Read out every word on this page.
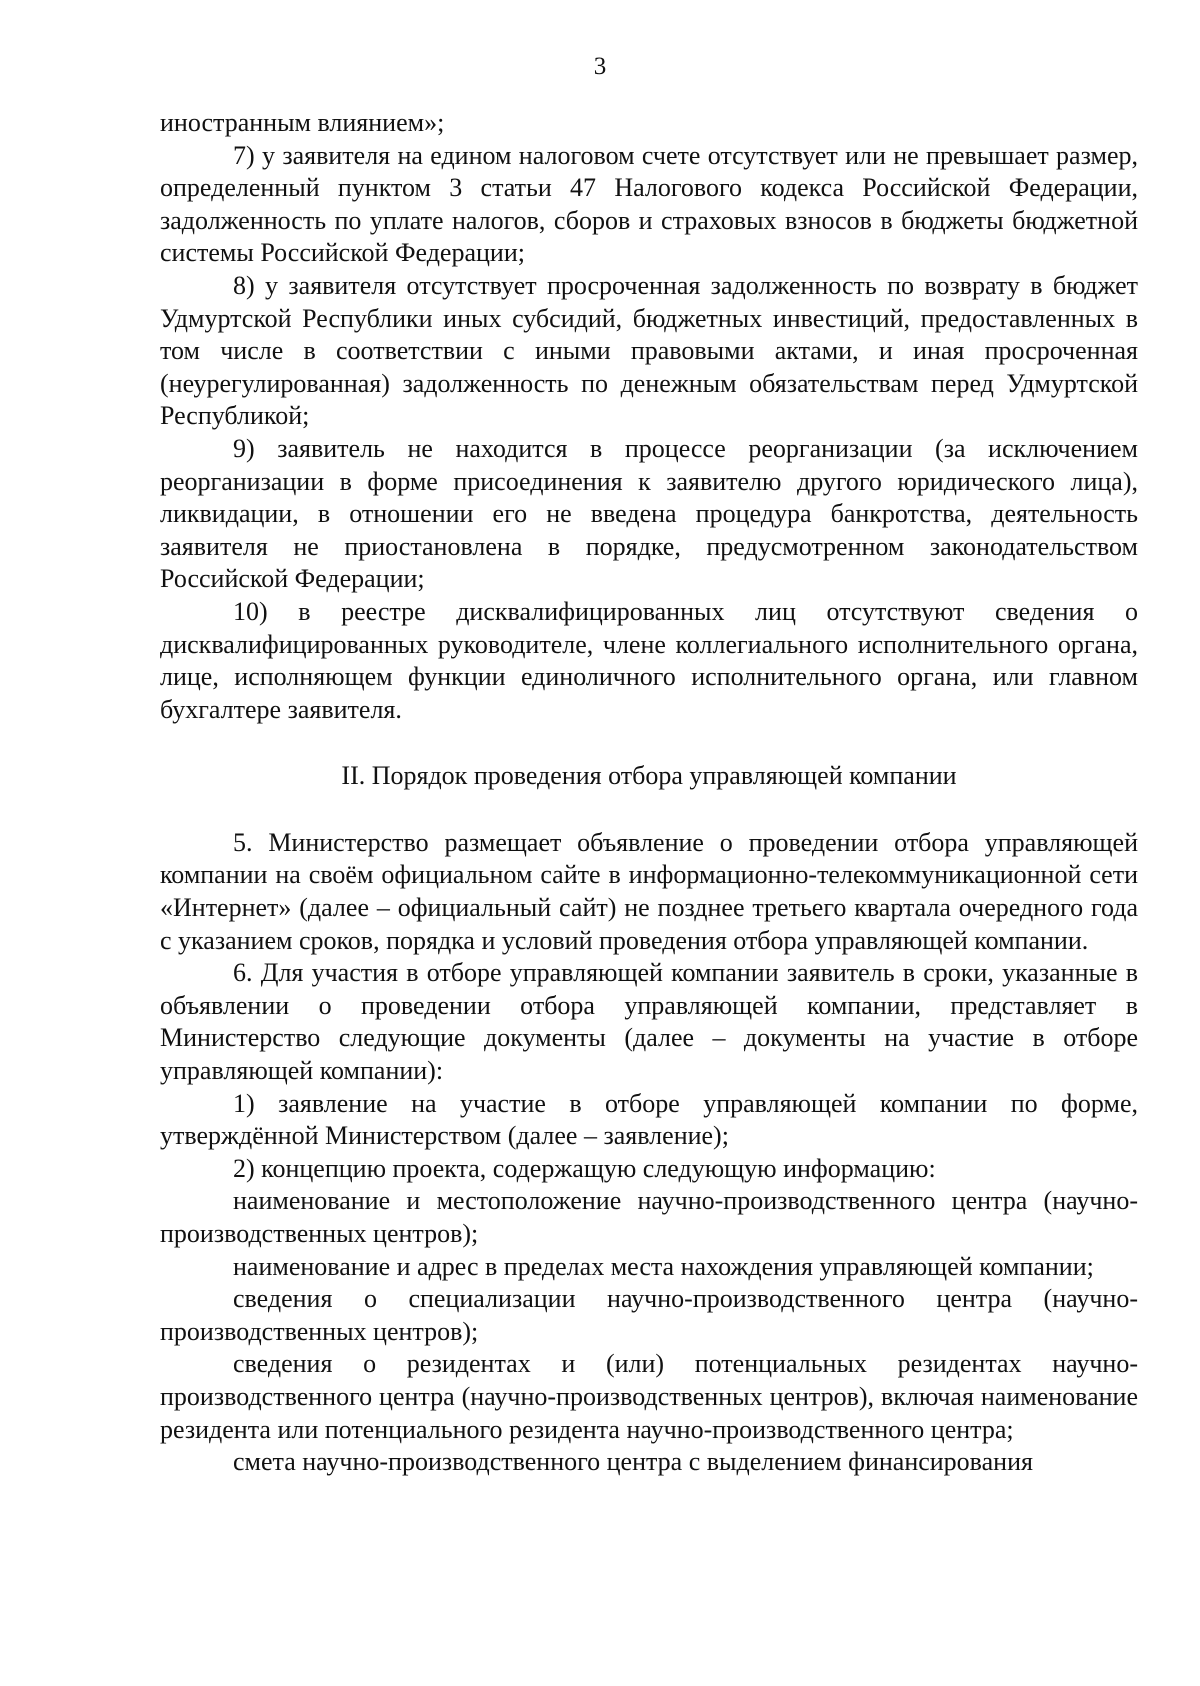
3

иностранным влиянием»;

7) у заявителя на едином налоговом счете отсутствует или не превышает размер, определенный пунктом 3 статьи 47 Налогового кодекса Российской Федерации, задолженность по уплате налогов, сборов и страховых взносов в бюджеты бюджетной системы Российской Федерации;

8) у заявителя отсутствует просроченная задолженность по возврату в бюджет Удмуртской Республики иных субсидий, бюджетных инвестиций, предоставленных в том числе в соответствии с иными правовыми актами, и иная просроченная (неурегулированная) задолженность по денежным обязательствам перед Удмуртской Республикой;

9) заявитель не находится в процессе реорганизации (за исключением реорганизации в форме присоединения к заявителю другого юридического лица), ликвидации, в отношении его не введена процедура банкротства, деятельность заявителя не приостановлена в порядке, предусмотренном законодательством Российской Федерации;

10) в реестре дисквалифицированных лиц отсутствуют сведения о дисквалифицированных руководителе, члене коллегиального исполнительного органа, лице, исполняющем функции единоличного исполнительного органа, или главном бухгалтере заявителя.

II. Порядок проведения отбора управляющей компании

5. Министерство размещает объявление о проведении отбора управляющей компании на своём официальном сайте в информационно-телекоммуникационной сети «Интернет» (далее – официальный сайт) не позднее третьего квартала очередного года с указанием сроков, порядка и условий проведения отбора управляющей компании.

6. Для участия в отборе управляющей компании заявитель в сроки, указанные в объявлении о проведении отбора управляющей компании, представляет в Министерство следующие документы (далее – документы на участие в отборе управляющей компании):

1) заявление на участие в отборе управляющей компании по форме, утверждённой Министерством (далее – заявление);

2) концепцию проекта, содержащую следующую информацию:

наименование и местоположение научно-производственного центра (научно-производственных центров);

наименование и адрес в пределах места нахождения управляющей компании;

сведения о специализации научно-производственного центра (научно-производственных центров);

сведения о резидентах и (или) потенциальных резидентах научно-производственного центра (научно-производственных центров), включая наименование резидента или потенциального резидента научно-производственного центра;

смета научно-производственного центра с выделением финансирования
